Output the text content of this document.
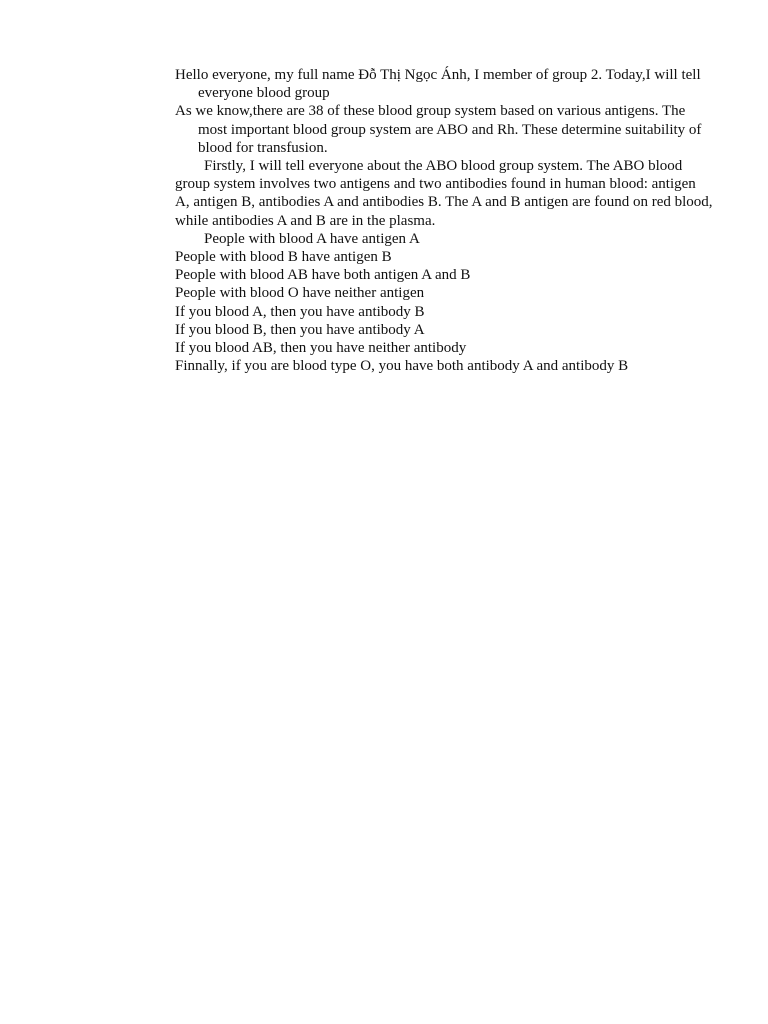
Hello everyone, my full name Đỗ Thị Ngọc Ánh, I member of group 2. Today,I will tell everyone blood group

As we know,there are 38 of these blood group system based on various antigens. The most important blood group system are ABO and Rh. These determine suitability of blood for transfusion.

Firstly, I will tell everyone about the ABO blood group system. The ABO blood group system involves two antigens and two antibodies found in human blood: antigen A, antigen B, antibodies A and antibodies B. The A and B antigen are found on red blood, while antibodies A and B are in the plasma.

People with blood A have antigen A

People with blood B have antigen B

People with blood AB have both antigen A and B

People with blood O have neither antigen

If you blood A, then you have antibody B

If you blood B, then you have antibody A

If you blood AB, then you have neither antibody

Finnally, if you are blood type O, you have both antibody A and antibody B
